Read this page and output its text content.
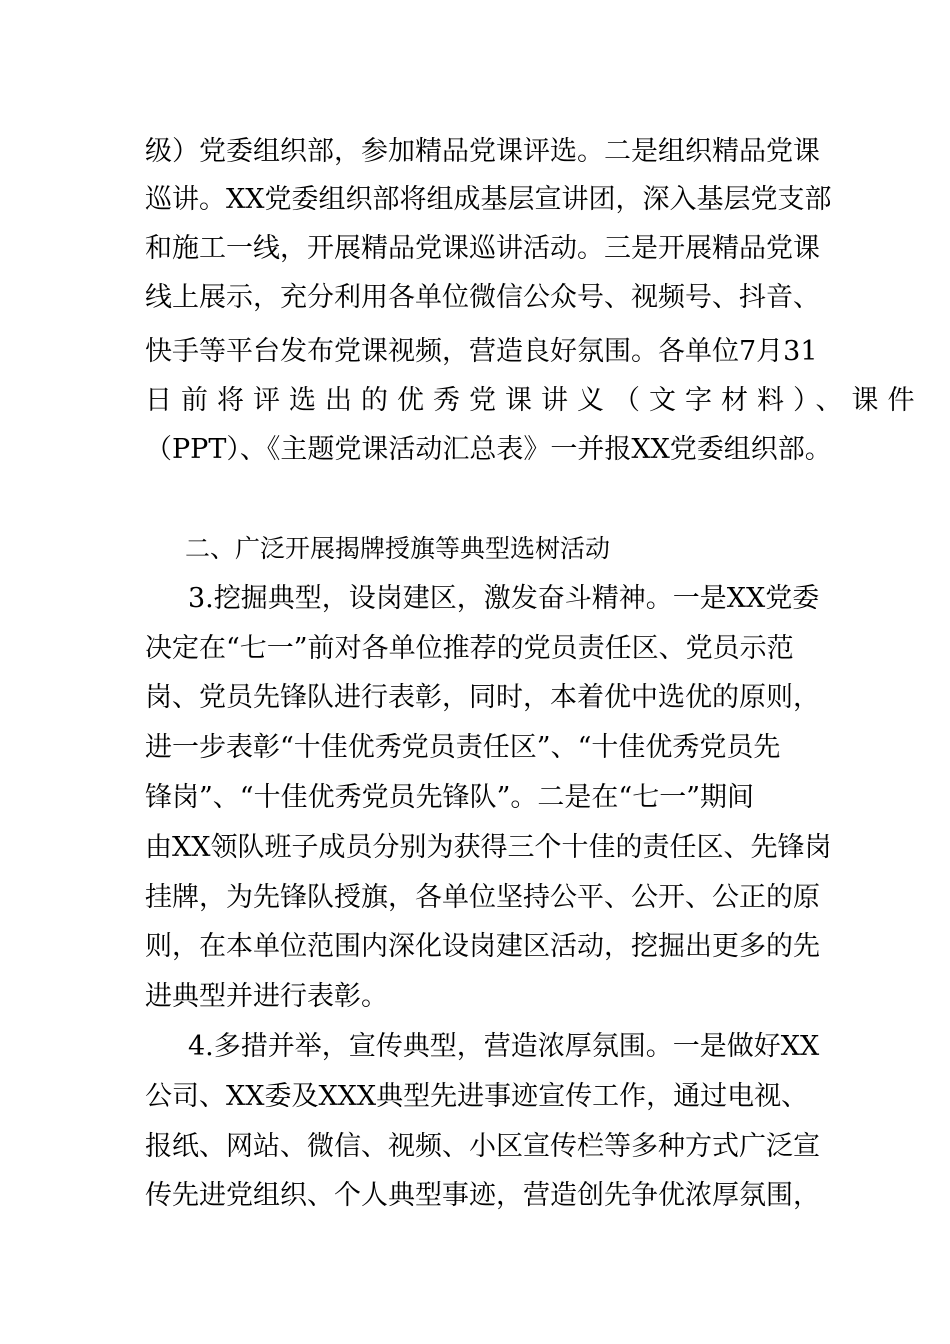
级）党委组织部，参加精品党课评选。二是组织精品党课
巡讲。XX党委组织部将组成基层宣讲团，深入基层党支部
和施工一线，开展精品党课巡讲活动。三是开展精品党课
线上展示，充分利用各单位微信公众号、视频号、抖音、
快手等平台发布党课视频，营造良好氛围。各单位7月31
日前将评选出的优秀党课讲义（文字材料）、课件
（PPT）、《主题党课活动汇总表》一并报XX党委组织部。
二、广泛开展揭牌授旗等典型选树活动
3.挖掘典型，设岗建区，激发奋斗精神。一是XX党委
决定在“七一”前对各单位推荐的党员责任区、党员示范
岗、党员先锋队进行表彰，同时，本着优中选优的原则，
进一步表彰“十佳优秀党员责任区”、“十佳优秀党员先
锋岗”、“十佳优秀党员先锋队”。二是在“七一”期间
由XX领队班子成员分别为获得三个十佳的责任区、先锋岗
挂牌，为先锋队授旗，各单位坚持公平、公开、公正的原
则，在本单位范围内深化设岗建区活动，挖掘出更多的先
进典型并进行表彰。
4.多措并举，宣传典型，营造浓厚氛围。一是做好XX
公司、XX委及XXX典型先进事迹宣传工作，通过电视、
报纸、网站、微信、视频、小区宣传栏等多种方式广泛宣
传先进党组织、个人典型事迹，营造创先争优浓厚氛围，
